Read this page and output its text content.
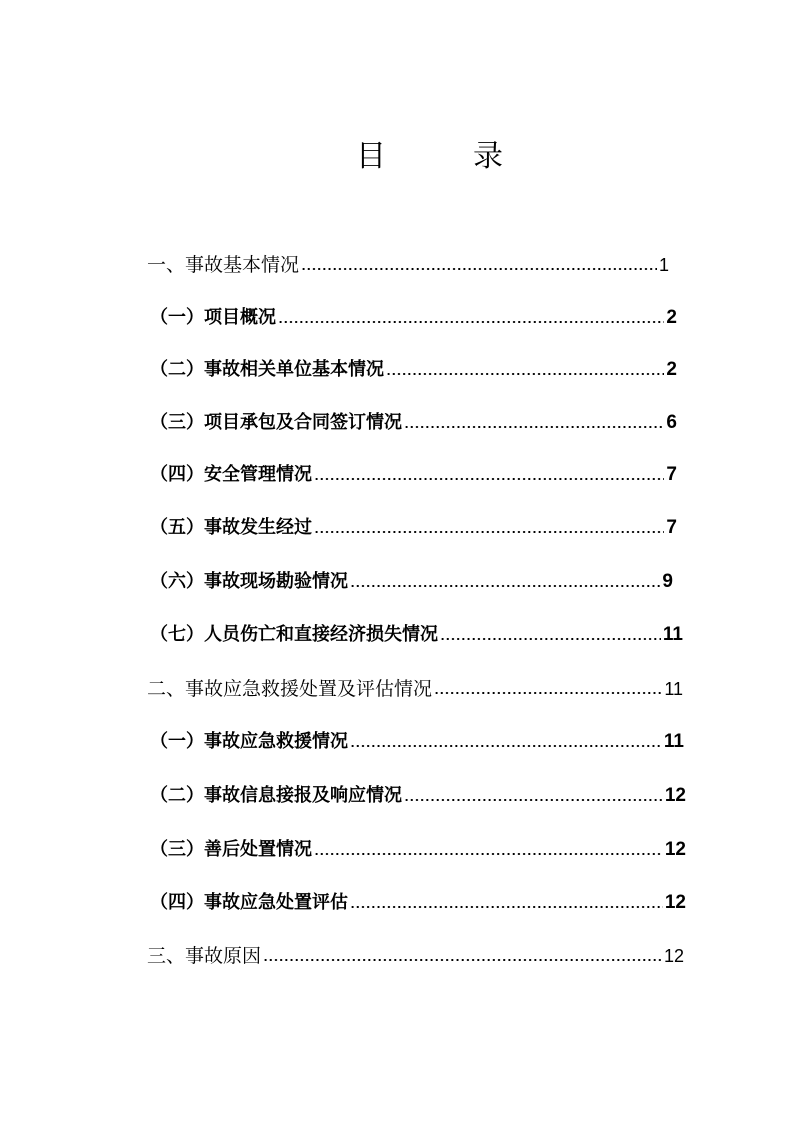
目	录
一、事故基本情况	1
（一）项目概况	2
（二）事故相关单位基本情况	2
（三）项目承包及合同签订情况	6
（四）安全管理情况	7
（五）事故发生经过	7
（六）事故现场勘验情况	9
（七）人员伤亡和直接经济损失情况	11
二、事故应急救援处置及评估情况	11
（一）事故应急救援情况	11
（二）事故信息接报及响应情况	12
（三）善后处置情况	12
（四）事故应急处置评估	12
三、事故原因	12
